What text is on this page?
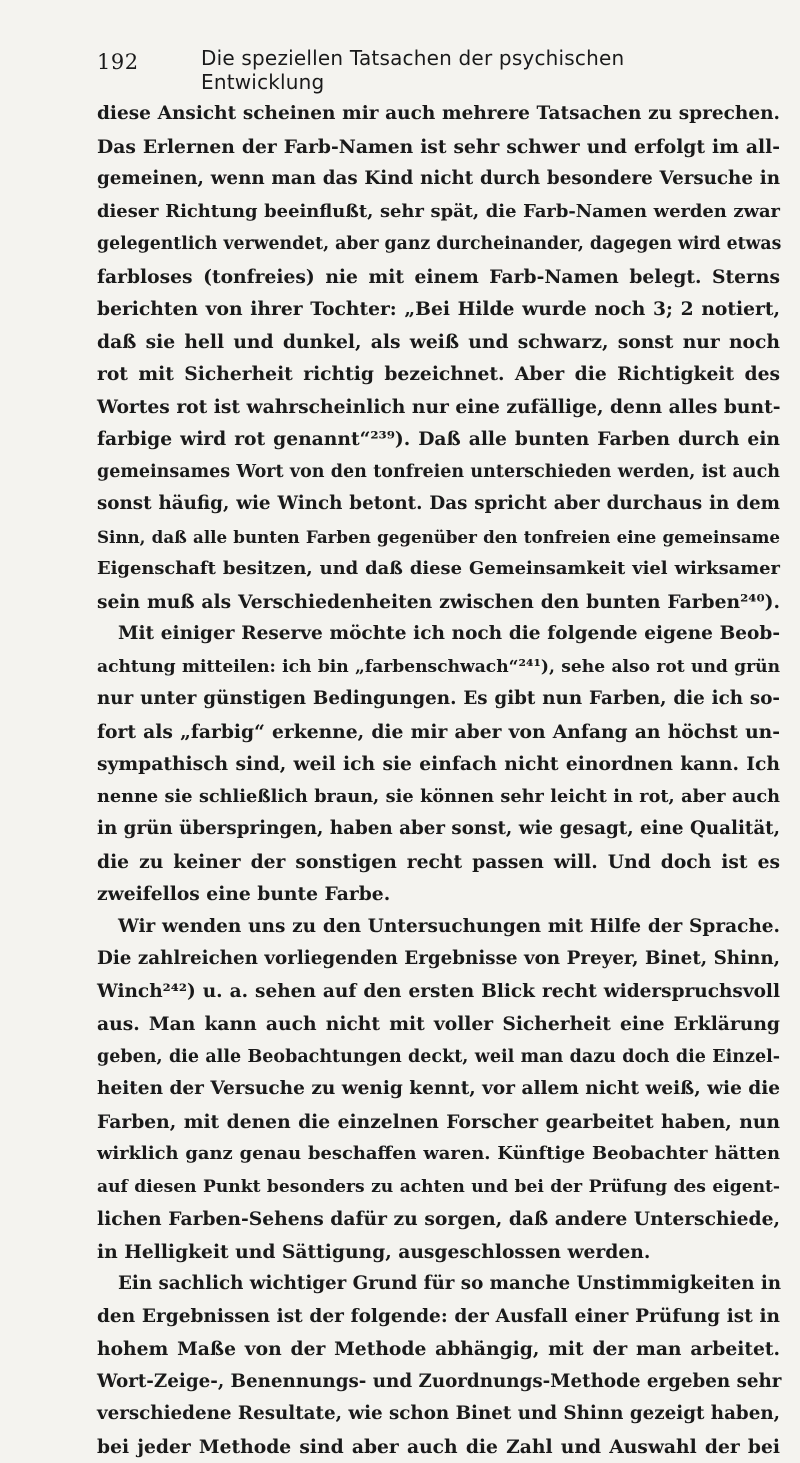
192	Die speziellen Tatsachen der psychischen Entwicklung
diese Ansicht scheinen mir auch mehrere Tatsachen zu sprechen.
Das Erlernen der Farb-Namen ist sehr schwer und erfolgt im all-
gemeinen, wenn man das Kind nicht durch besondere Versuche in
dieser Richtung beeinflußt, sehr spät, die Farb-Namen werden zwar
gelegentlich verwendet, aber ganz durcheinander, dagegen wird etwas
farbloses (tonfreies) nie mit einem Farb-Namen belegt. Sterns
berichten von ihrer Tochter: „Bei Hilde wurde noch 3; 2 notiert,
daß sie hell und dunkel, als weiß und schwarz, sonst nur noch
rot mit Sicherheit richtig bezeichnet. Aber die Richtigkeit des
Wortes rot ist wahrscheinlich nur eine zufällige, denn alles bunt-
farbige wird rot genannt“²³⁹). Daß alle bunten Farben durch ein
gemeinsames Wort von den tonfreien unterschieden werden, ist auch
sonst häufig, wie Winch betont. Das spricht aber durchaus in dem
Sinn, daß alle bunten Farben gegenüber den tonfreien eine gemeinsame
Eigenschaft besitzen, und daß diese Gemeinsamkeit viel wirksamer
sein muß als Verschiedenheiten zwischen den bunten Farben²⁴⁰).
Mit einiger Reserve möchte ich noch die folgende eigene Beob-
achtung mitteilen: ich bin „farbenschwach“²⁴¹), sehe also rot und grün
nur unter günstigen Bedingungen. Es gibt nun Farben, die ich so-
fort als „farbig“ erkenne, die mir aber von Anfang an höchst un-
sympathisch sind, weil ich sie einfach nicht einordnen kann. Ich
nenne sie schließlich braun, sie können sehr leicht in rot, aber auch
in grün überspringen, haben aber sonst, wie gesagt, eine Qualität,
die zu keiner der sonstigen recht passen will. Und doch ist es
zweifellos eine bunte Farbe.
Wir wenden uns zu den Untersuchungen mit Hilfe der Sprache.
Die zahlreichen vorliegenden Ergebnisse von Preyer, Binet, Shinn,
Winch²⁴²) u. a. sehen auf den ersten Blick recht widerspruchsvoll
aus. Man kann auch nicht mit voller Sicherheit eine Erklärung
geben, die alle Beobachtungen deckt, weil man dazu doch die Einzel-
heiten der Versuche zu wenig kennt, vor allem nicht weiß, wie die
Farben, mit denen die einzelnen Forscher gearbeitet haben, nun
wirklich ganz genau beschaffen waren. Künftige Beobachter hätten
auf diesen Punkt besonders zu achten und bei der Prüfung des eigent-
lichen Farben-Sehens dafür zu sorgen, daß andere Unterschiede,
in Helligkeit und Sättigung, ausgeschlossen werden.
Ein sachlich wichtiger Grund für so manche Unstimmigkeiten in
den Ergebnissen ist der folgende: der Ausfall einer Prüfung ist in
hohem Maße von der Methode abhängig, mit der man arbeitet.
Wort-Zeige-, Benennungs- und Zuordnungs-Methode ergeben sehr
verschiedene Resultate, wie schon Binet und Shinn gezeigt haben,
bei jeder Methode sind aber auch die Zahl und Auswahl der bei
